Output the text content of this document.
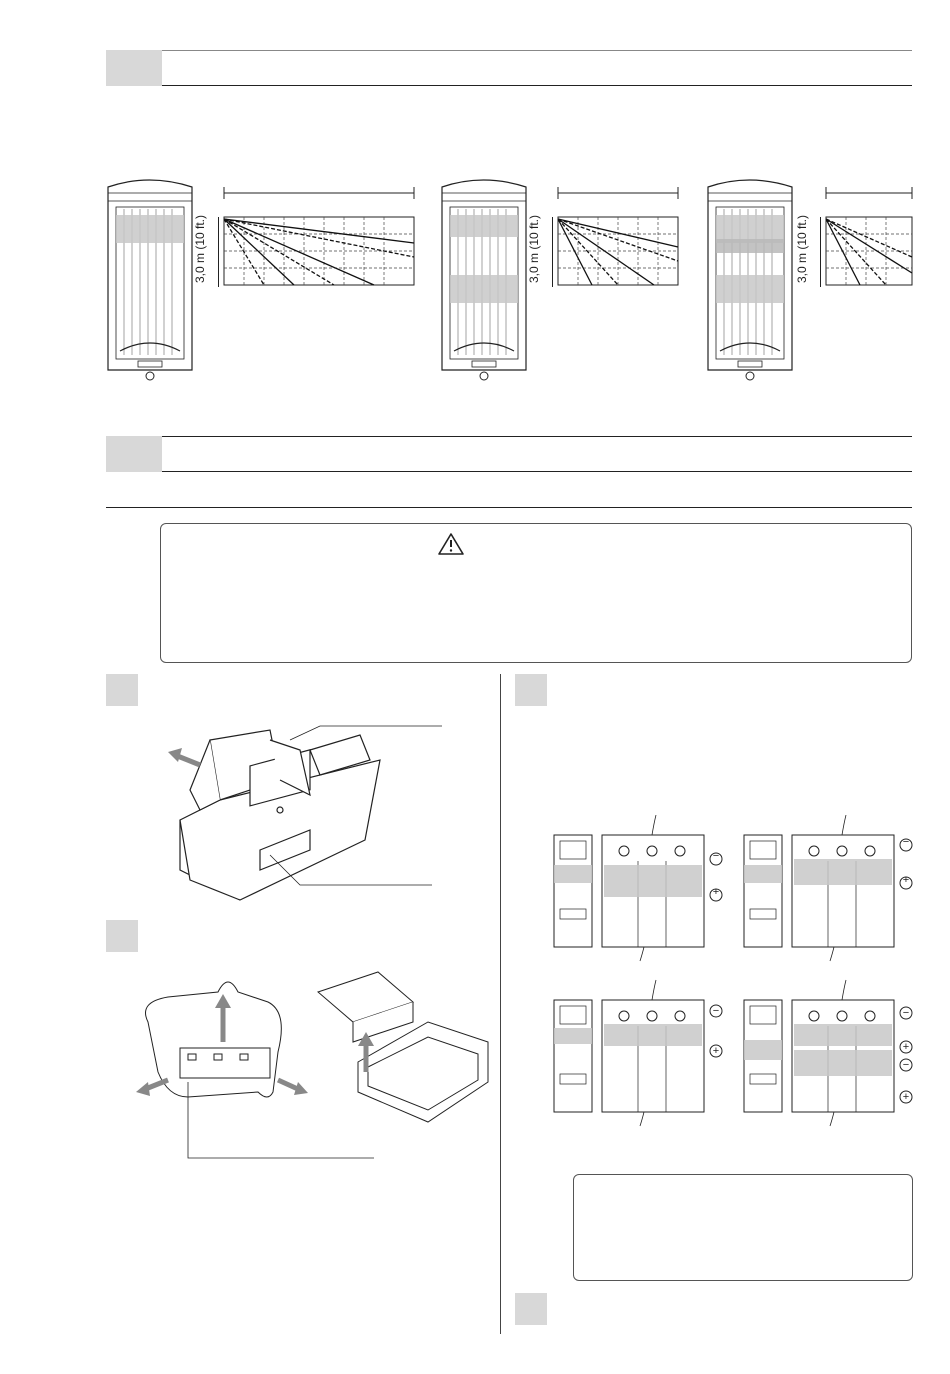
3,0 m (10 ft.)	3,0 m (10 ft.)	3,0 m (10 ft.)
−
+
−
+
−
+
−
+
−
+
